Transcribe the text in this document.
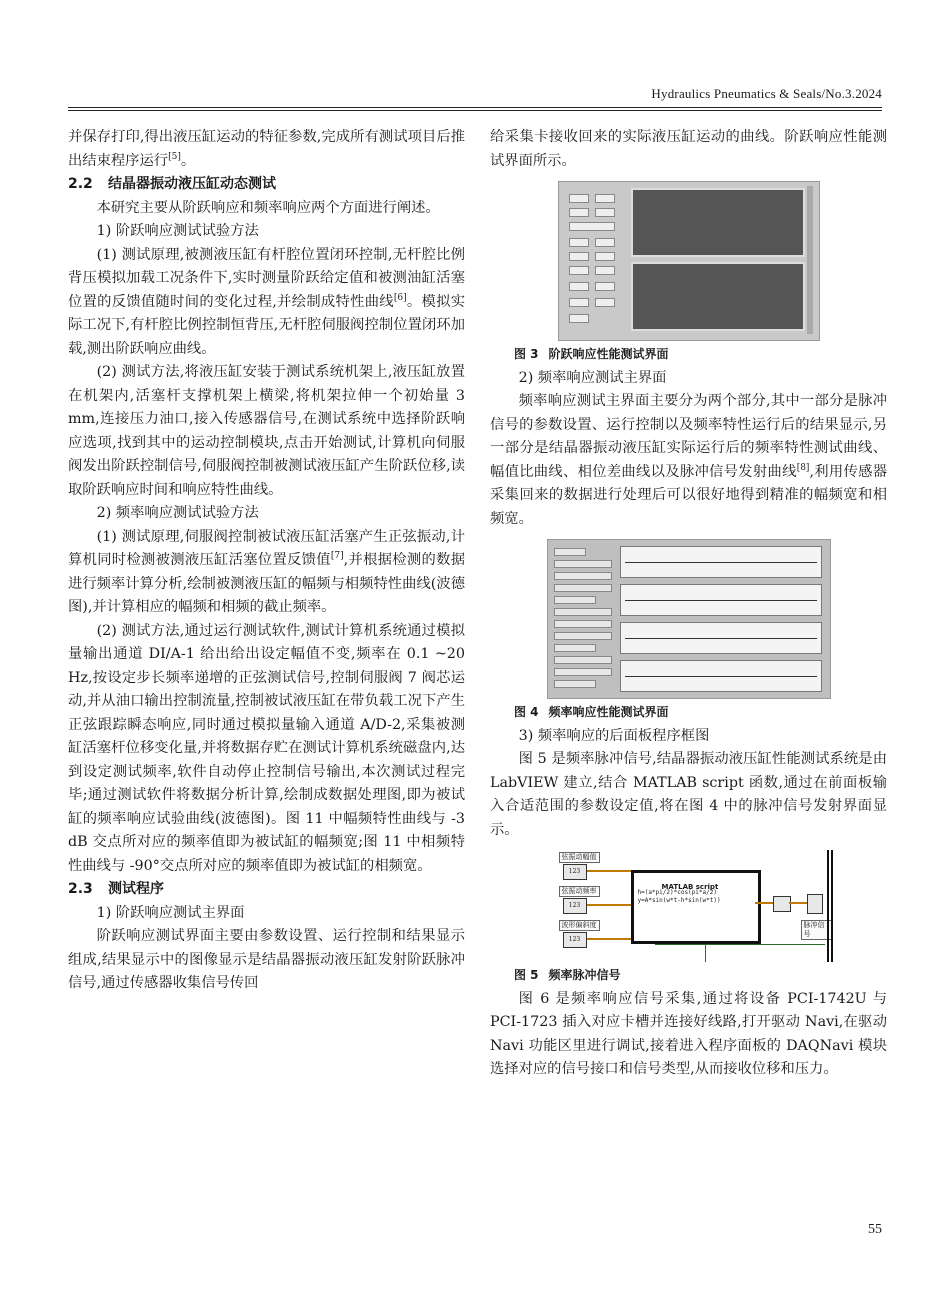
Hydraulics Pneumatics & Seals/No.3.2024

并保存打印,得出液压缸运动的特征参数,完成所有测试项目后推出结束程序运行[5]。

2.2 结晶器振动液压缸动态测试

本研究主要从阶跃响应和频率响应两个方面进行阐述。

1) 阶跃响应测试试验方法

(1) 测试原理,被测液压缸有杆腔位置闭环控制,无杆腔比例背压模拟加载工况条件下,实时测量阶跃给定值和被测油缸活塞位置的反馈值随时间的变化过程,并绘制成特性曲线[6]。模拟实际工况下,有杆腔比例控制恒背压,无杆腔伺服阀控制位置闭环加载,测出阶跃响应曲线。

(2) 测试方法,将液压缸安装于测试系统机架上,液压缸放置在机架内,活塞杆支撑机架上横梁,将机架拉伸一个初始量 3 mm,连接压力油口,接入传感器信号,在测试系统中选择阶跃响应选项,找到其中的运动控制模块,点击开始测试,计算机向伺服阀发出阶跃控制信号,伺服阀控制被测试液压缸产生阶跃位移,读取阶跃响应时间和响应特性曲线。

2) 频率响应测试试验方法

(1) 测试原理,伺服阀控制被试液压缸活塞产生正弦振动,计算机同时检测被测液压缸活塞位置反馈值[7],并根据检测的数据进行频率计算分析,绘制被测液压缸的幅频与相频特性曲线(波德图),并计算相应的幅频和相频的截止频率。

(2) 测试方法,通过运行测试软件,测试计算机系统通过模拟量输出通道 DI/A-1 给出给出设定幅值不变,频率在 0.1 ~20 Hz,按设定步长频率递增的正弦测试信号,控制伺服阀 7 阀芯运动,并从油口输出控制流量,控制被试液压缸在带负载工况下产生正弦跟踪瞬态响应,同时通过模拟量输入通道 A/D-2,采集被测缸活塞杆位移变化量,并将数据存贮在测试计算机系统磁盘内,达到设定测试频率,软件自动停止控制信号输出,本次测试过程完毕;通过测试软件将数据分析计算,绘制成数据处理图,即为被试缸的频率响应试验曲线(波德图)。图 11 中幅频特性曲线与 -3 dB 交点所对应的频率值即为被试缸的幅频宽;图 11 中相频特性曲线与 -90°交点所对应的频率值即为被试缸的相频宽。

2.3 测试程序

1) 阶跃响应测试主界面

阶跃响应测试界面主要由参数设置、运行控制和结果显示组成,结果显示中的图像显示是结晶器振动液压缸发射阶跃脉冲信号,通过传感器收集信号传回

给采集卡接收回来的实际液压缸运动的曲线。阶跃响应性能测试界面所示。

图 3 阶跃响应性能测试界面

2) 频率响应测试主界面

频率响应测试主界面主要分为两个部分,其中一部分是脉冲信号的参数设置、运行控制以及频率特性运行后的结果显示,另一部分是结晶器振动液压缸实际运行后的频率特性测试曲线、幅值比曲线、相位差曲线以及脉冲信号发射曲线[8],利用传感器采集回来的数据进行处理后可以很好地得到精准的幅频宽和相频宽。

图 4 频率响应性能测试界面

3) 频率响应的后面板程序框图

图 5 是频率脉冲信号,结晶器振动液压缸性能测试系统是由 LabVIEW 建立,结合 MATLAB script 函数,通过在前面板输入合适范围的参数设定值,将在图 4 中的脉冲信号发射界面显示。

弦振动幅值
123
弦振动频率
123
波形偏斜度
123
MATLAB script
h=(a*pi/2)*cos(pi*a/2)
y=A*sin(w*t-h*sin(w*t))
脉冲信号

图 5 频率脉冲信号

图 6 是频率响应信号采集,通过将设备 PCI-1742U 与 PCI-1723 插入对应卡槽并连接好线路,打开驱动 Navi,在驱动 Navi 功能区里进行调试,接着进入程序面板的 DAQNavi 模块选择对应的信号接口和信号类型,从而接收位移和压力。

55
